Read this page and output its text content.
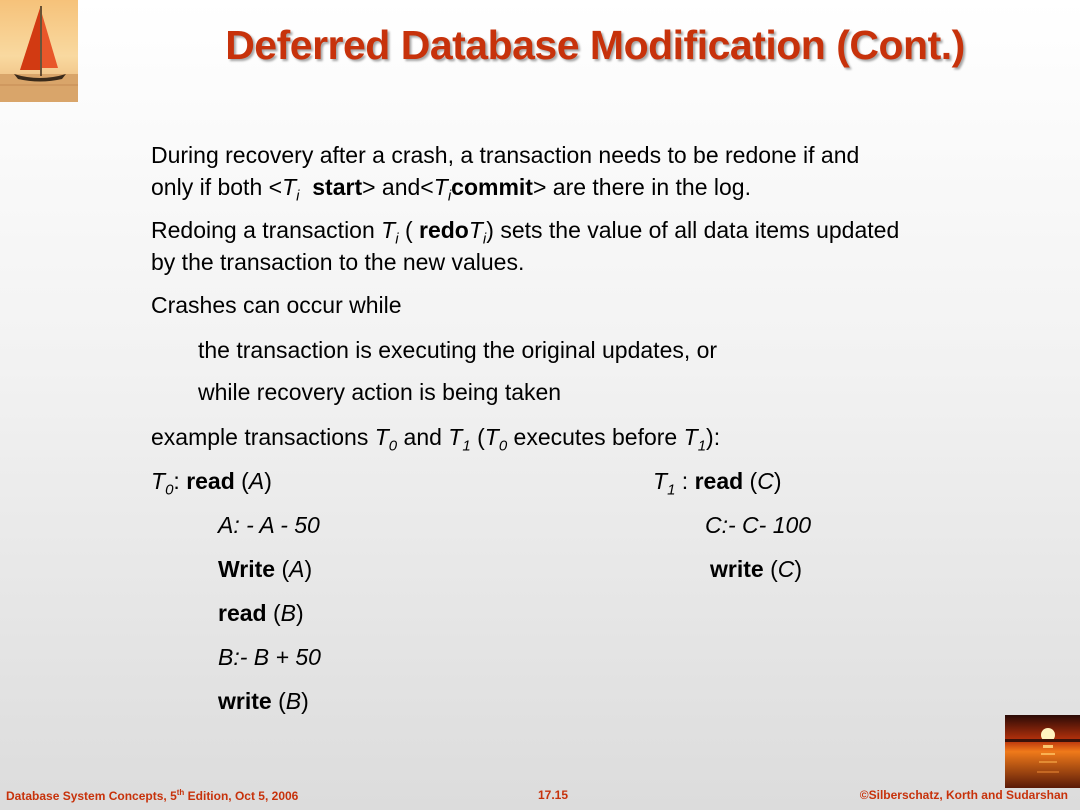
Deferred Database Modification (Cont.)
During recovery after a crash, a transaction needs to be redone if and
only if both $<T_i$ start> $and<T_icommit>$ are there in the log.
Redoing a transaction $T_i$ ( redoT$_i$) sets the value of all data items updated
by the transaction to the new values.
Crashes can occur while
the transaction is executing the original updates, or
while recovery action is being taken
example transactions $T_0$ and $T_1$ ($T_0$ executes before $T_1$):
$T_0$: read (A)
A: - A - 50
Write (A)
read (B)
B:- B + 50
write (B)
$T_1$ : read (C)
C:- C- 100
write (C)
Database System Concepts, 5th Edition, Oct 5, 2006	17.15	©Silberschatz, Korth and Sudarshan
